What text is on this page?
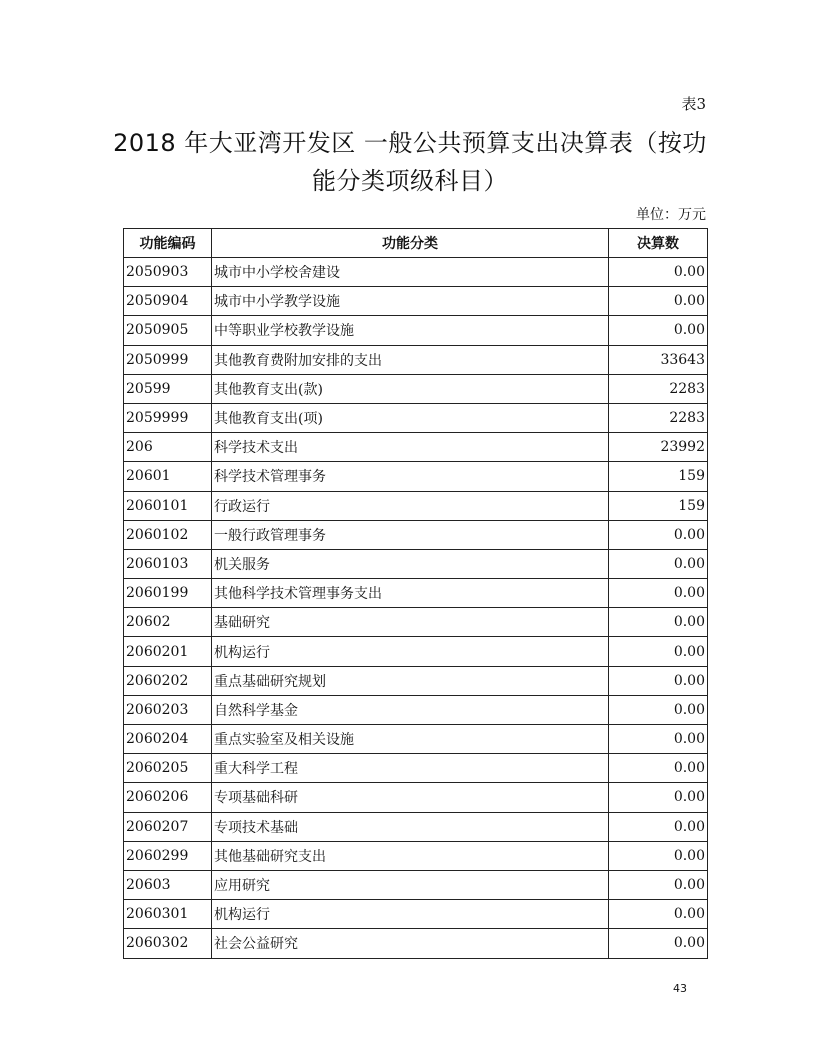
表3
2018 年大亚湾开发区 一般公共预算支出决算表（按功
能分类项级科目）
单位：万元
功能编码	功能分类	决算数
2050903	城市中小学校舍建设	0.00
2050904	城市中小学教学设施	0.00
2050905	中等职业学校教学设施	0.00
2050999	其他教育费附加安排的支出	33643
20599	其他教育支出(款)	2283
2059999	其他教育支出(项)	2283
206	科学技术支出	23992
20601	科学技术管理事务	159
2060101	行政运行	159
2060102	一般行政管理事务	0.00
2060103	机关服务	0.00
2060199	其他科学技术管理事务支出	0.00
20602	基础研究	0.00
2060201	机构运行	0.00
2060202	重点基础研究规划	0.00
2060203	自然科学基金	0.00
2060204	重点实验室及相关设施	0.00
2060205	重大科学工程	0.00
2060206	专项基础科研	0.00
2060207	专项技术基础	0.00
2060299	其他基础研究支出	0.00
20603	应用研究	0.00
2060301	机构运行	0.00
2060302	社会公益研究	0.00
43
